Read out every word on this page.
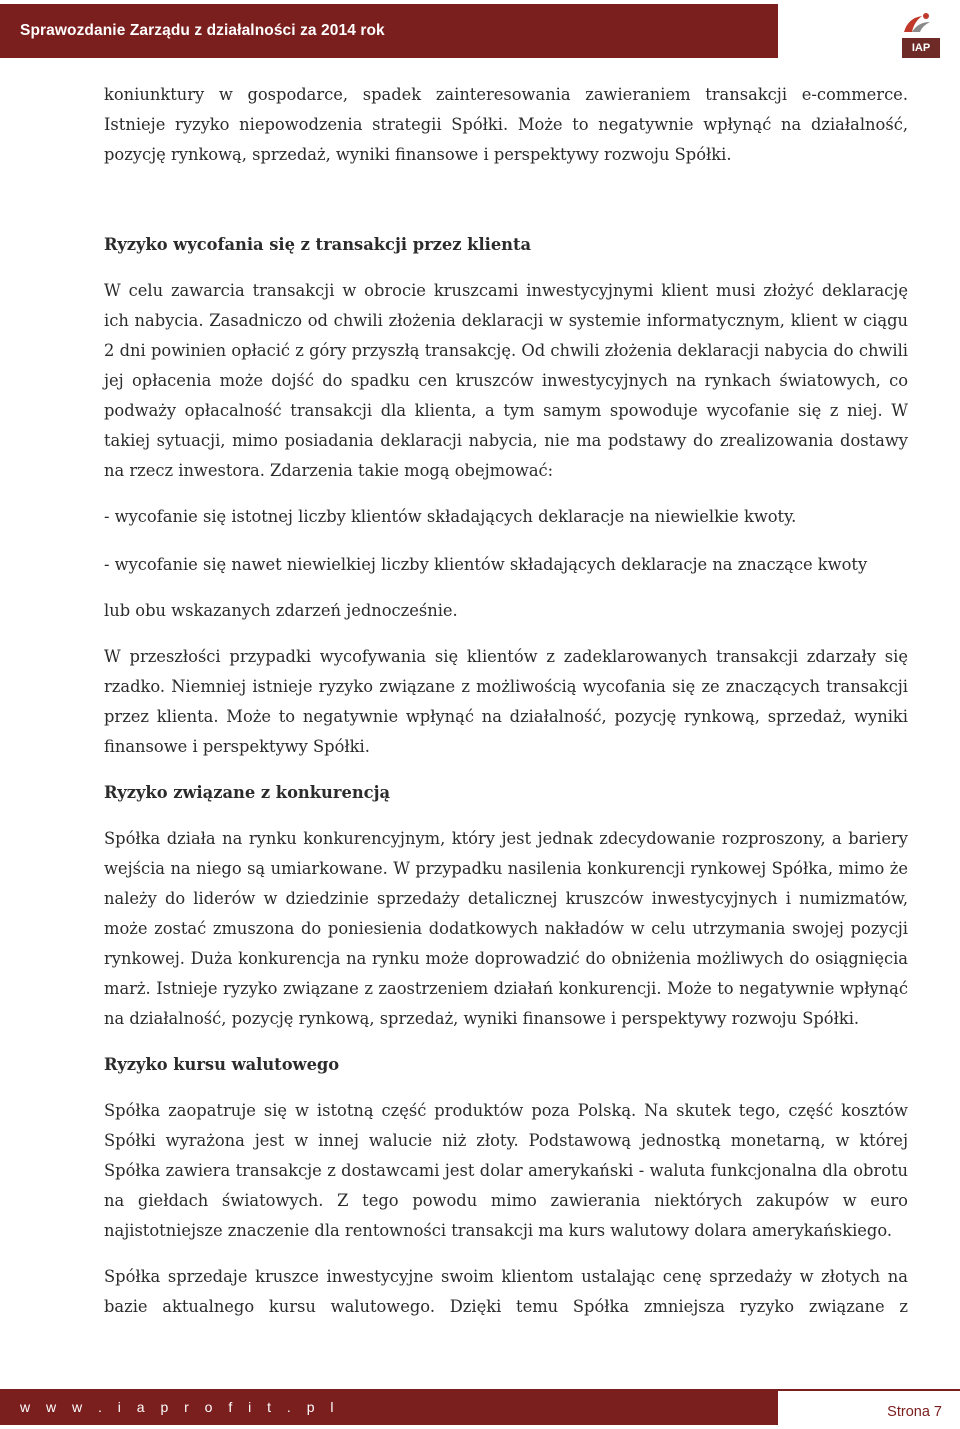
Sprawozdanie Zarządu z działalności za 2014 rok
IAP

koniunktury w gospodarce, spadek zainteresowania zawieraniem transakcji e-commerce. Istnieje ryzyko niepowodzenia strategii Spółki. Może to negatywnie wpłynąć na działalność, pozycję rynkową, sprzedaż, wyniki finansowe i perspektywy rozwoju Spółki.

Ryzyko wycofania się z transakcji przez klienta

W celu zawarcia transakcji w obrocie kruszcami inwestycyjnymi klient musi złożyć deklarację ich nabycia. Zasadniczo od chwili złożenia deklaracji w systemie informatycznym, klient w ciągu 2 dni powinien opłacić z góry przyszłą transakcję. Od chwili złożenia deklaracji nabycia do chwili jej opłacenia może dojść do spadku cen kruszców inwestycyjnych na rynkach światowych, co podważy opłacalność transakcji dla klienta, a tym samym spowoduje wycofanie się z niej. W takiej sytuacji, mimo posiadania deklaracji nabycia, nie ma podstawy do zrealizowania dostawy na rzecz inwestora. Zdarzenia takie mogą obejmować:

- wycofanie się istotnej liczby klientów składających deklaracje na niewielkie kwoty.

- wycofanie się nawet niewielkiej liczby klientów składających deklaracje na znaczące kwoty

lub obu wskazanych zdarzeń jednocześnie.

W przeszłości przypadki wycofywania się klientów z zadeklarowanych transakcji zdarzały się rzadko. Niemniej istnieje ryzyko związane z możliwością wycofania się ze znaczących transakcji przez klienta. Może to negatywnie wpłynąć na działalność, pozycję rynkową, sprzedaż, wyniki finansowe i perspektywy Spółki.

Ryzyko związane z konkurencją

Spółka działa na rynku konkurencyjnym, który jest jednak zdecydowanie rozproszony, a bariery wejścia na niego są umiarkowane. W przypadku nasilenia konkurencji rynkowej Spółka, mimo że należy do liderów w dziedzinie sprzedaży detalicznej kruszców inwestycyjnych i numizmatów, może zostać zmuszona do poniesienia dodatkowych nakładów w celu utrzymania swojej pozycji rynkowej. Duża konkurencja na rynku może doprowadzić do obniżenia możliwych do osiągnięcia marż. Istnieje ryzyko związane z zaostrzeniem działań konkurencji. Może to negatywnie wpłynąć na działalność, pozycję rynkową, sprzedaż, wyniki finansowe i perspektywy rozwoju Spółki.

Ryzyko kursu walutowego

Spółka zaopatruje się w istotną część produktów poza Polską. Na skutek tego, część kosztów Spółki wyrażona jest w innej walucie niż złoty. Podstawową jednostką monetarną, w której Spółka zawiera transakcje z dostawcami jest dolar amerykański - waluta funkcjonalna dla obrotu na giełdach światowych. Z tego powodu mimo zawierania niektórych zakupów w euro najistotniejsze znaczenie dla rentowności transakcji ma kurs walutowy dolara amerykańskiego.

Spółka sprzedaje kruszce inwestycyjne swoim klientom ustalając cenę sprzedaży w złotych na bazie aktualnego kursu walutowego. Dzięki temu Spółka zmniejsza ryzyko związane z

w w w . i a p r o f i t . p l	Strona 7
